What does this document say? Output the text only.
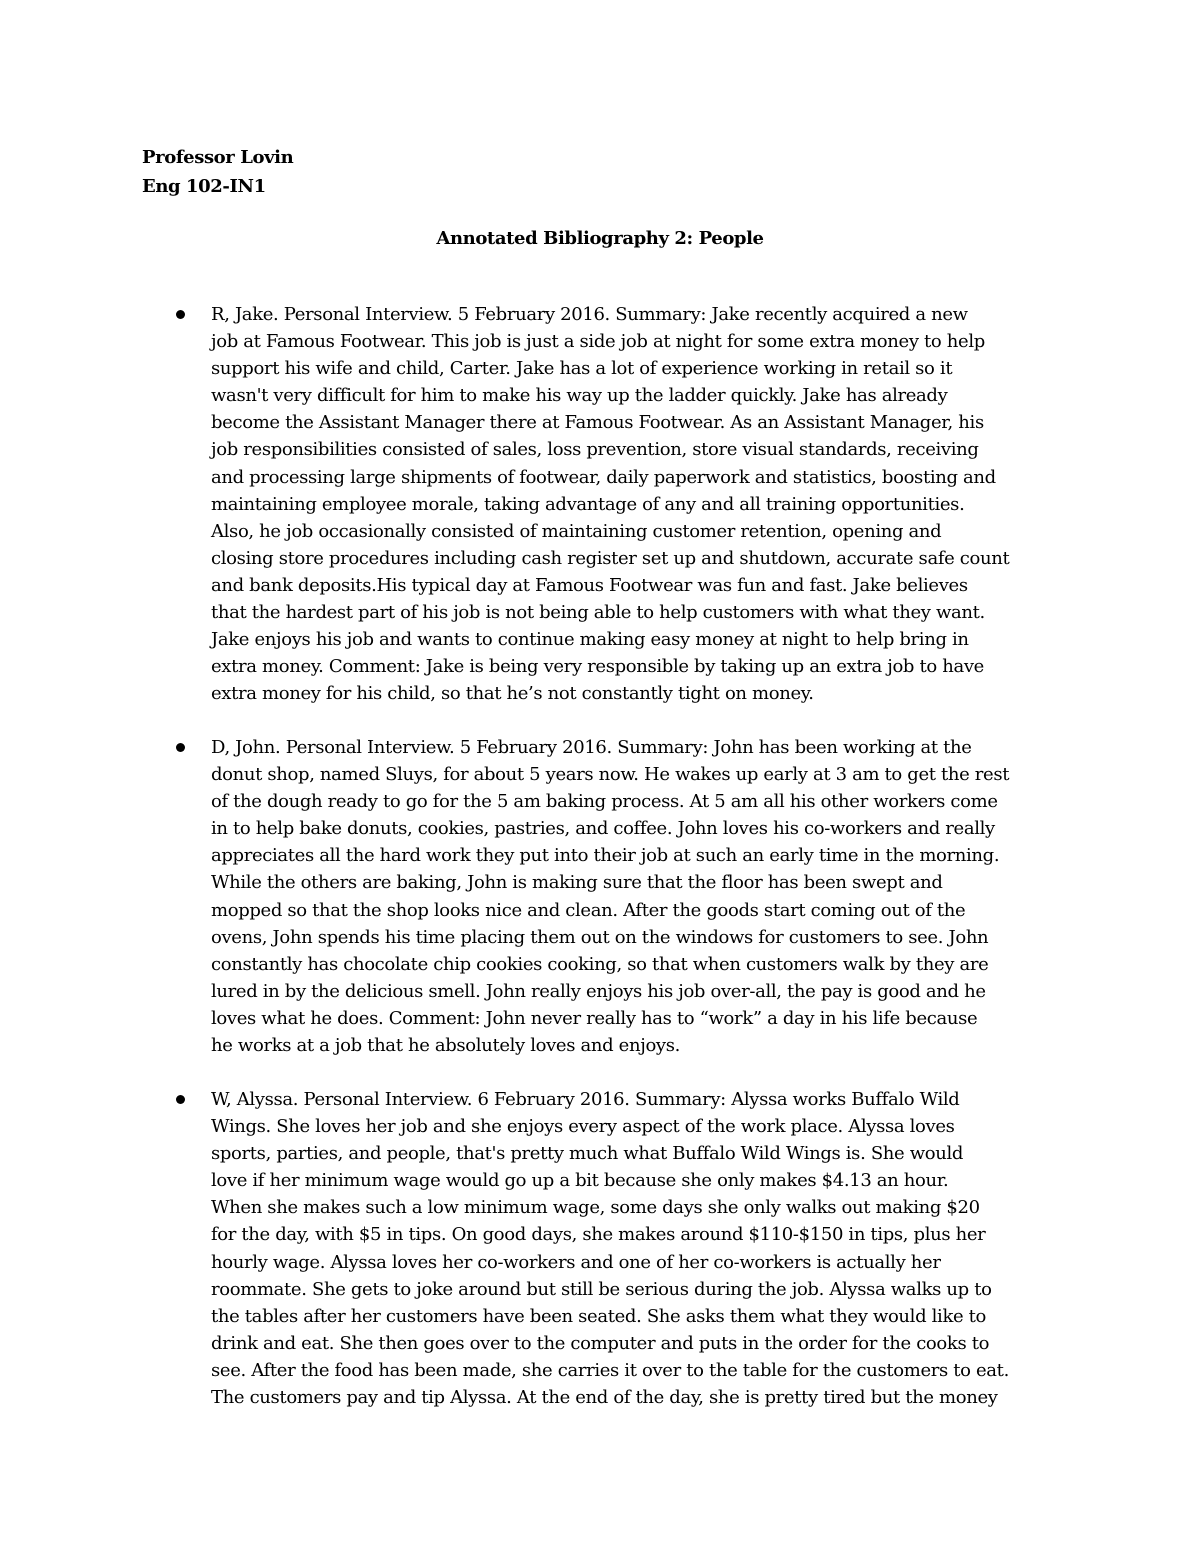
Professor Lovin
Eng 102-IN1
Annotated Bibliography 2: People
R, Jake. Personal Interview. 5 February 2016. Summary: Jake recently acquired a new
job at Famous Footwear. This job is just a side job at night for some extra money to help
support his wife and child, Carter. Jake has a lot of experience working in retail so it
wasn't very difficult for him to make his way up the ladder quickly. Jake has already
become the Assistant Manager there at Famous Footwear. As an Assistant Manager, his
job responsibilities consisted of sales, loss prevention, store visual standards, receiving
and processing large shipments of footwear, daily paperwork and statistics, boosting and
maintaining employee morale, taking advantage of any and all training opportunities.
Also, he job occasionally consisted of maintaining customer retention, opening and
closing store procedures including cash register set up and shutdown, accurate safe count
and bank deposits.His typical day at Famous Footwear was fun and fast. Jake believes
that the hardest part of his job is not being able to help customers with what they want.
Jake enjoys his job and wants to continue making easy money at night to help bring in
extra money. Comment: Jake is being very responsible by taking up an extra job to have
extra money for his child, so that he’s not constantly tight on money.
D, John. Personal Interview. 5 February 2016. Summary: John has been working at the
donut shop, named Sluys, for about 5 years now. He wakes up early at 3 am to get the rest
of the dough ready to go for the 5 am baking process. At 5 am all his other workers come
in to help bake donuts, cookies, pastries, and coffee. John loves his co-workers and really
appreciates all the hard work they put into their job at such an early time in the morning.
While the others are baking, John is making sure that the floor has been swept and
mopped so that the shop looks nice and clean. After the goods start coming out of the
ovens, John spends his time placing them out on the windows for customers to see. John
constantly has chocolate chip cookies cooking, so that when customers walk by they are
lured in by the delicious smell. John really enjoys his job over-all, the pay is good and he
loves what he does. Comment: John never really has to “work” a day in his life because
he works at a job that he absolutely loves and enjoys.
W, Alyssa. Personal Interview. 6 February 2016. Summary: Alyssa works Buffalo Wild
Wings. She loves her job and she enjoys every aspect of the work place. Alyssa loves
sports, parties, and people, that's pretty much what Buffalo Wild Wings is. She would
love if her minimum wage would go up a bit because she only makes $4.13 an hour.
When she makes such a low minimum wage, some days she only walks out making $20
for the day, with $5 in tips. On good days, she makes around $110-$150 in tips, plus her
hourly wage. Alyssa loves her co-workers and one of her co-workers is actually her
roommate. She gets to joke around but still be serious during the job. Alyssa walks up to
the tables after her customers have been seated. She asks them what they would like to
drink and eat. She then goes over to the computer and puts in the order for the cooks to
see. After the food has been made, she carries it over to the table for the customers to eat.
The customers pay and tip Alyssa. At the end of the day, she is pretty tired but the money
